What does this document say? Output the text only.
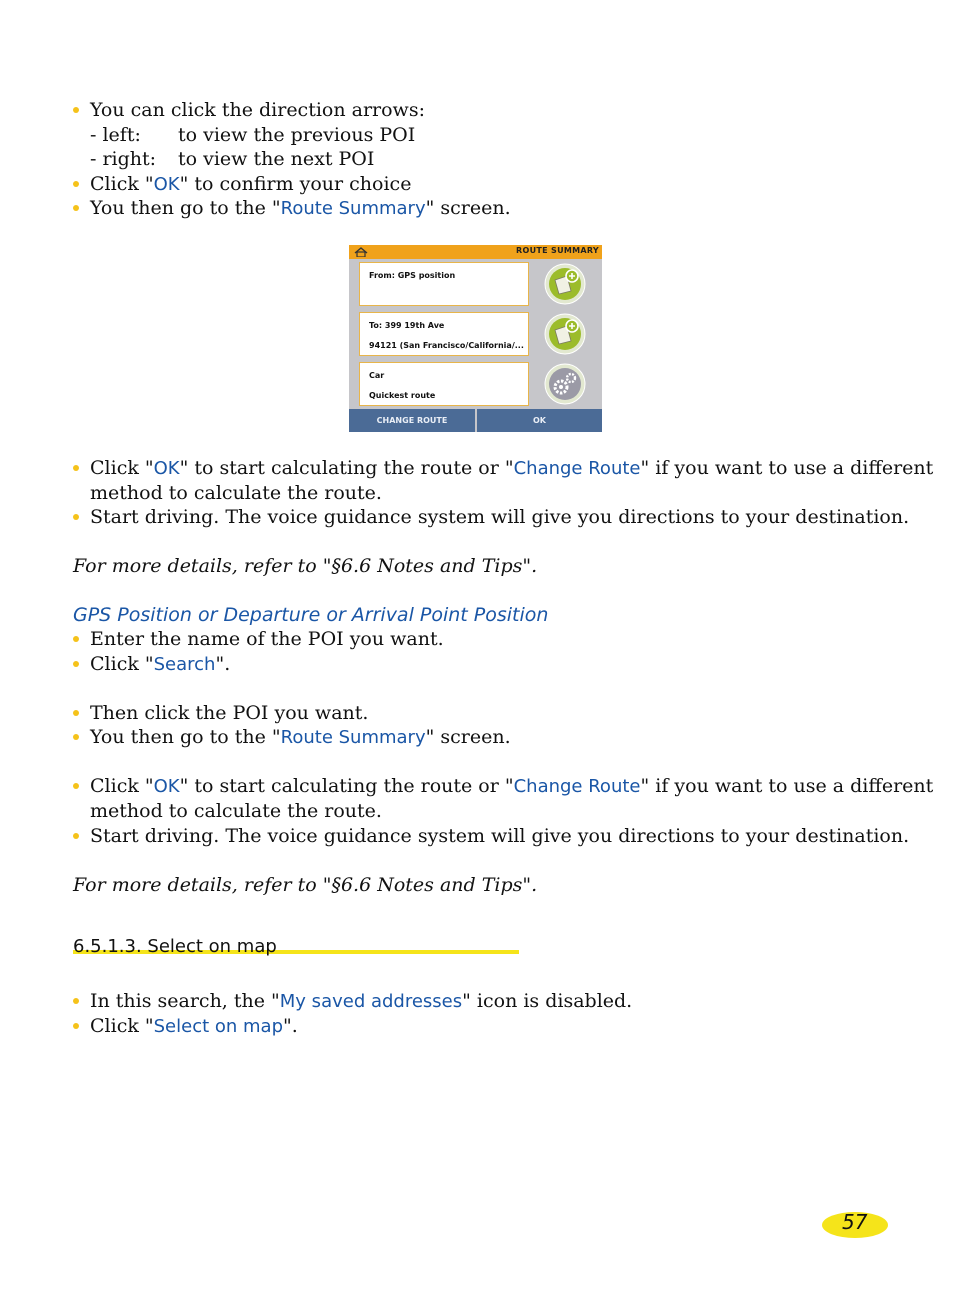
You can click the direction arrows:
- left: to view the previous POI
- right: to view the next POI
Click "OK" to confirm your choice
You then go to the "Route Summary" screen.
ROUTE SUMMARY
From: GPS position
To: 399 19th Ave
94121 (San Francisco/California/...
Car
Quickest route
CHANGE ROUTE	OK
Click "OK" to start calculating the route or "Change Route" if you want to use a different
method to calculate the route.
Start driving. The voice guidance system will give you directions to your destination.
For more details, refer to "§6.6 Notes and Tips".
GPS Position or Departure or Arrival Point Position
Enter the name of the POI you want.
Click "Search".
Then click the POI you want.
You then go to the "Route Summary" screen.
Click "OK" to start calculating the route or "Change Route" if you want to use a different
method to calculate the route.
Start driving. The voice guidance system will give you directions to your destination.
For more details, refer to "§6.6 Notes and Tips".
6.5.1.3. Select on map
In this search, the "My saved addresses" icon is disabled.
Click "Select on map".
57
